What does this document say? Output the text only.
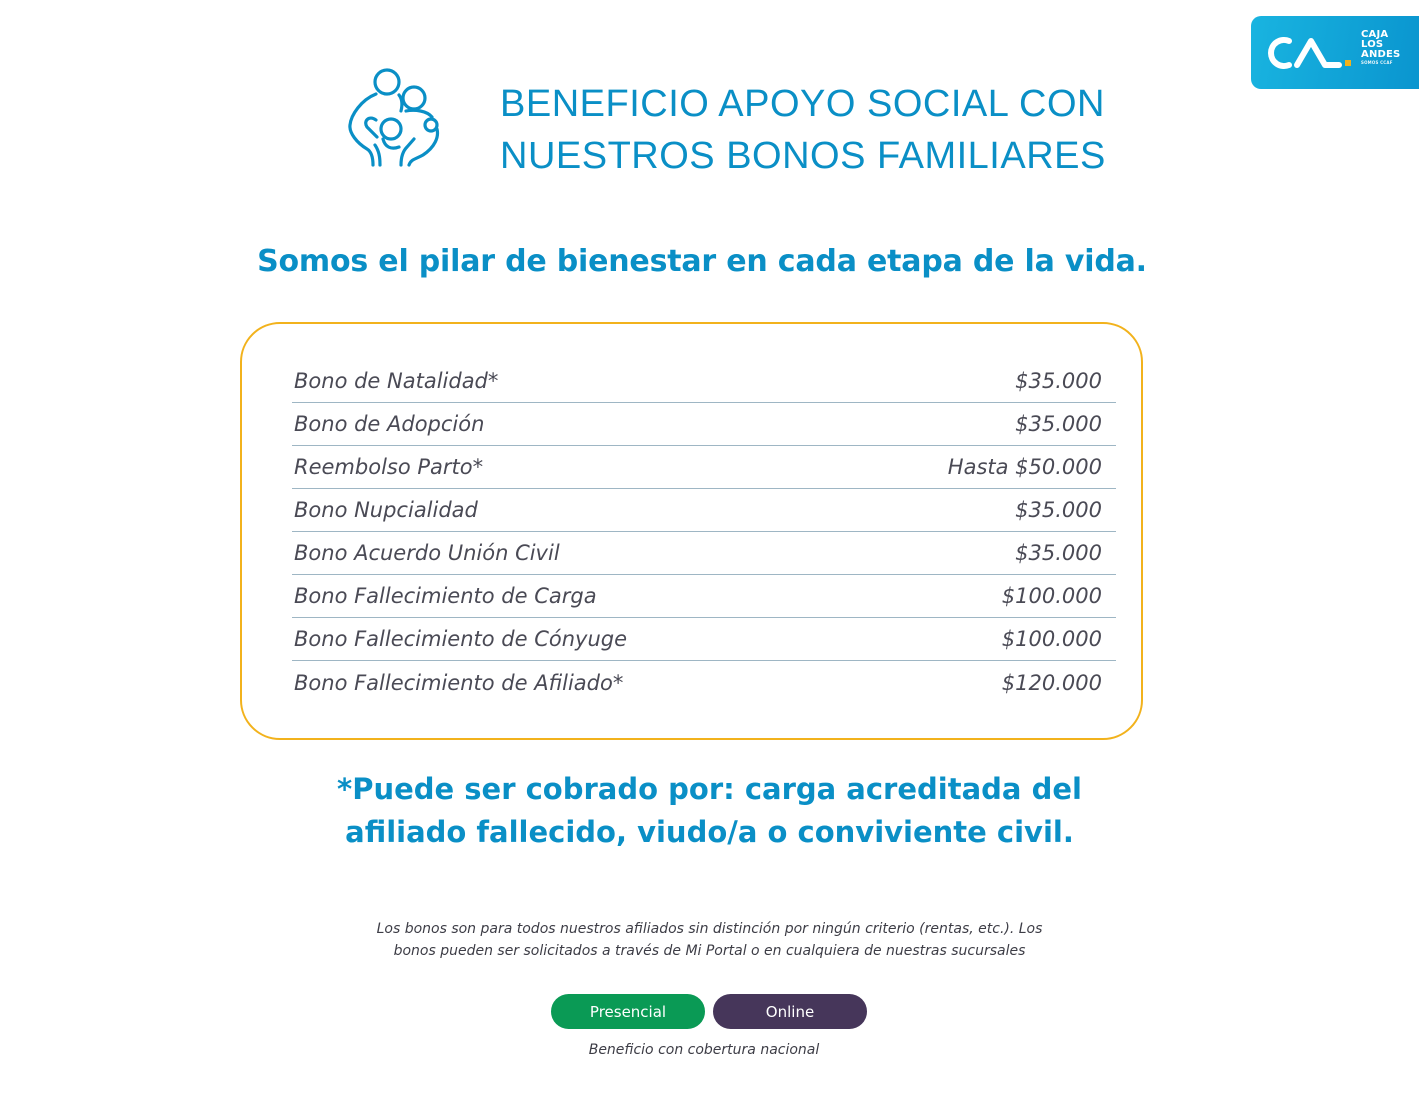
CAJA
LOS
ANDES
SOMOS CCAF
BENEFICIO APOYO SOCIAL CON
NUESTROS BONOS FAMILIARES
Somos el pilar de bienestar en cada etapa de la vida.
Bono de Natalidad*	$35.000
Bono de Adopción	$35.000
Reembolso Parto*	Hasta $50.000
Bono Nupcialidad	$35.000
Bono Acuerdo Unión Civil	$35.000
Bono Fallecimiento de Carga	$100.000
Bono Fallecimiento de Cónyuge	$100.000
Bono Fallecimiento de Afiliado*	$120.000
*Puede ser cobrado por: carga acreditada del
afiliado fallecido, viudo/a o conviviente civil.
Los bonos son para todos nuestros afiliados sin distinción por ningún criterio (rentas, etc.). Los
bonos pueden ser solicitados a través de Mi Portal o en cualquiera de nuestras sucursales
Presencial	Online
Beneficio con cobertura nacional
